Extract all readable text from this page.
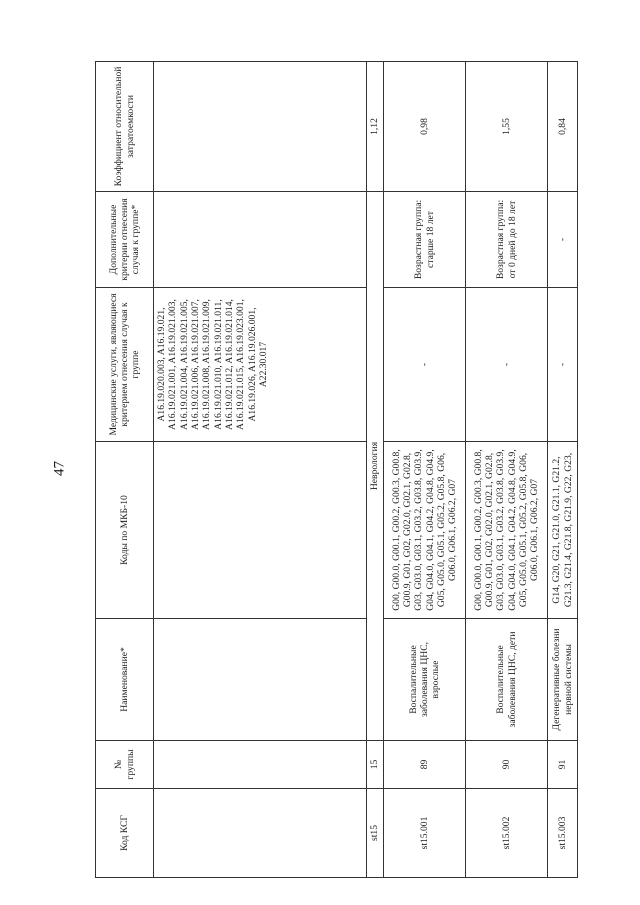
47
Код КСГ	№ группы	Наименование*	Коды по МКБ-10	Медицинские услуги, являющиеся критерием отнесения случая к группе	Дополнительные критерии отнесения случая к группе*	Коэффициент относительной затратоемкости
				A16.19.020.003, A16.19.021, A16.19.021.001, A16.19.021.003, A16.19.021.004, A16.19.021.005, A16.19.021.006, A16.19.021.007, A16.19.021.008, A16.19.021.009, A16.19.021.010, A16.19.021.011, A16.19.021.012, A16.19.021.014, A16.19.021.015, A16.19.023.001, A16.19.026, A16.19.026.001, A22.30.017		
st15	15	Неврология				1,12
st15.001	89	Воспалительные заболевания ЦНС, взрослые	G00, G00.0, G00.1, G00.2, G00.3, G00.8, G00.9, G01, G02, G02.0, G02.1, G02.8, G03, G03.0, G03.1, G03.2, G03.8, G03.9, G04, G04.0, G04.1, G04.2, G04.8, G04.9, G05, G05.0, G05.1, G05.2, G05.8, G06, G06.0, G06.1, G06.2, G07	-	Возрастная группа: старше 18 лет	0,98
st15.002	90	Воспалительные заболевания ЦНС, дети	G00, G00.0, G00.1, G00.2, G00.3, G00.8, G00.9, G01, G02, G02.0, G02.1, G02.8, G03, G03.0, G03.1, G03.2, G03.8, G03.9, G04, G04.0, G04.1, G04.2, G04.8, G04.9, G05, G05.0, G05.1, G05.2, G05.8, G06, G06.0, G06.1, G06.2, G07	-	Возрастная группа: от 0 дней до 18 лет	1,55
st15.003	91	Дегенеративные болезни нервной системы	G14, G20, G21, G21.0, G21.1, G21.2, G21.3, G21.4, G21.8, G21.9, G22, G23,	-	-	0,84
